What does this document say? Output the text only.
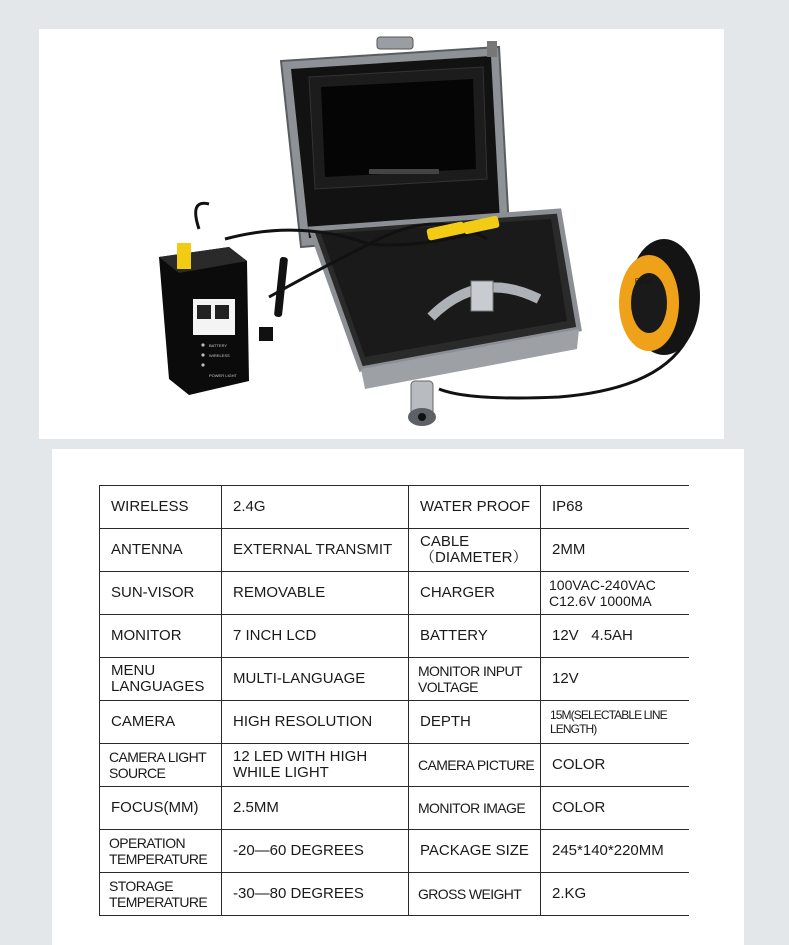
BATTERY
WIRELESS
POWER LIGHT
Eyoyo
WIRELESS	2.4G	WATER PROOF	IP68
ANTENNA	EXTERNAL TRANSMIT	CABLE （DIAMETER）	2MM
SUN-VISOR	REMOVABLE	CHARGER	100VAC-240VAC C12.6V 1000MA
MONITOR	7 INCH LCD	BATTERY	12V   4.5AH
MENU LANGUAGES	MULTI-LANGUAGE	MONITOR INPUT VOLTAGE	12V
CAMERA	HIGH RESOLUTION	DEPTH	15M(SELECTABLE LINE LENGTH)
CAMERA LIGHT SOURCE	12 LED WITH HIGH WHILE LIGHT	CAMERA PICTURE	COLOR
FOCUS(MM)	2.5MM	MONITOR IMAGE	COLOR
OPERATION TEMPERATURE	-20—60 DEGREES	PACKAGE SIZE	245*140*220MM
STORAGE TEMPERATURE	-30—80 DEGREES	GROSS WEIGHT	2.KG
